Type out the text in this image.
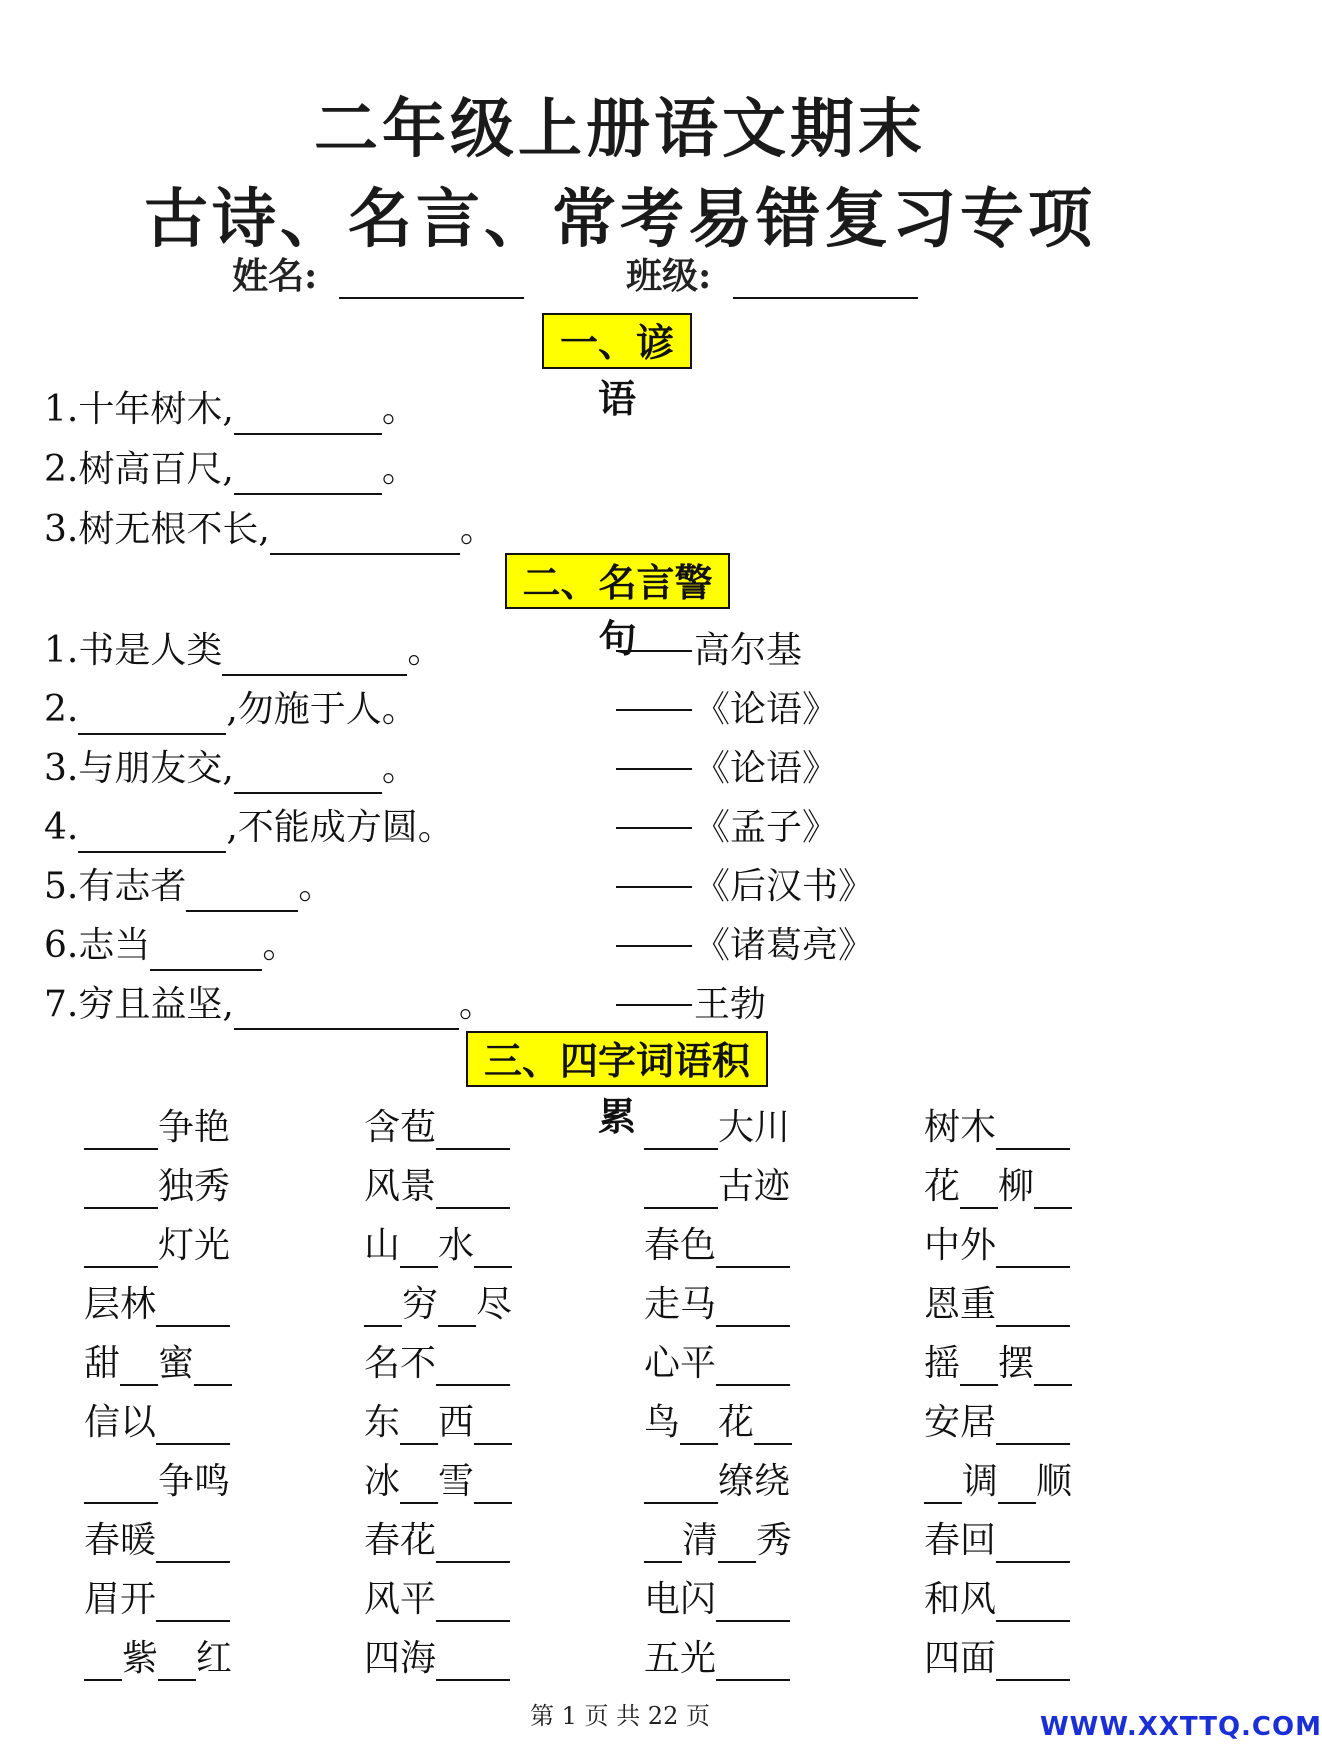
二年级上册语文期末
古诗、名言、常考易错复习专项
姓名:	班级:
一、谚语
1. 十年树木,	。
2. 树高百尺,	。
3. 树无根不长,	。
二、名言警句
1. 书是人类	。	高尔基
2.	,勿施于人。	《论语》
3. 与朋友交,	。	《论语》
4.	,不能成方圆。	《孟子》
5. 有志者	。	《后汉书》
6. 志当	。	《诸葛亮》
7. 穷且益坚,	。	王勃
三、四字词语积累
争 艳	含 苞	大 川	树 木
独 秀	风 景	古 迹	花 柳
灯 光	山 水	春 色	中 外
层 林	穷 尽	走 马	恩 重
甜 蜜	名 不	心 平	摇 摆
信 以	东 西	鸟 花	安 居
争 鸣	冰 雪	缭 绕	调 顺
春 暖	春 花	清 秀	春 回
眉 开	风 平	电 闪	和 风
紫 红	四 海	五 光	四 面
第 1 页 共 22 页	WWW.XXTTQ.COM
